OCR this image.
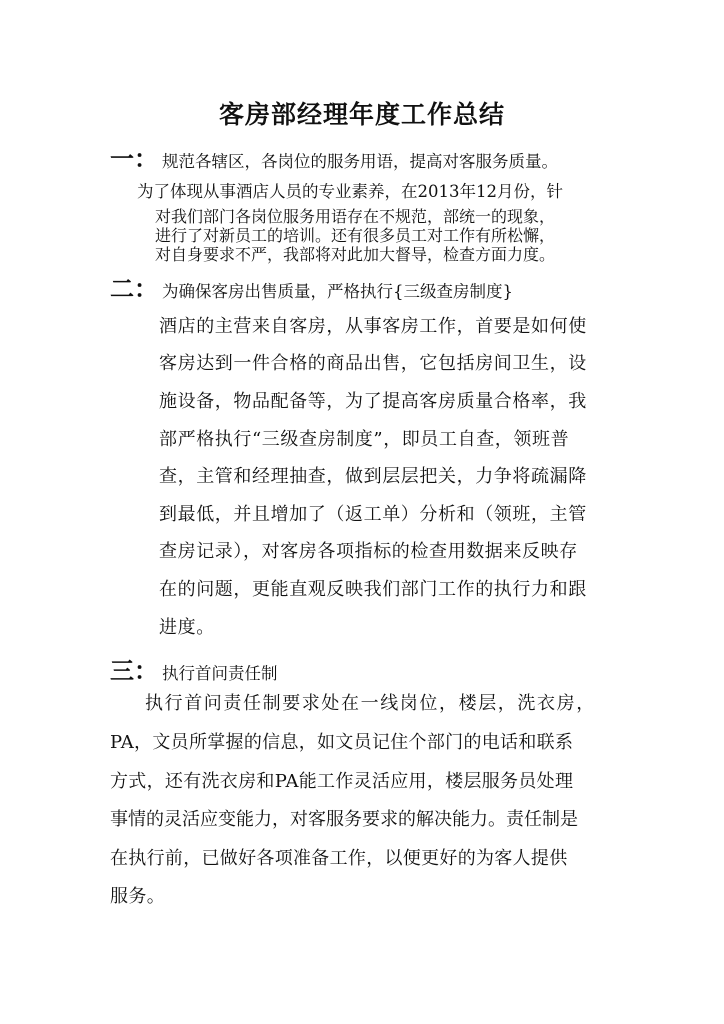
客房部经理年度工作总结
一： 规范各辖区，各岗位的服务用语，提高对客服务质量。
为了体现从事酒店人员的专业素养，在2013年12月份，针
对我们部门各岗位服务用语存在不规范，部统一的现象，
进行了对新员工的培训。还有很多员工对工作有所松懈，
对自身要求不严，我部将对此加大督导，检查方面力度。
二： 为确保客房出售质量，严格执行{三级查房制度}
酒店的主营来自客房，从事客房工作，首要是如何使
客房达到一件合格的商品出售，它包括房间卫生，设
施设备，物品配备等，为了提高客房质量合格率，我
部严格执行“三级查房制度”，即员工自查，领班普
查，主管和经理抽查，做到层层把关，力争将疏漏降
到最低，并且增加了（返工单）分析和（领班，主管
查房记录），对客房各项指标的检查用数据来反映存
在的问题，更能直观反映我们部门工作的执行力和跟
进度。
三： 执行首问责任制
执行首问责任制要求处在一线岗位，楼层，洗衣房，
PA，文员所掌握的信息，如文员记住个部门的电话和联系
方式，还有洗衣房和PA能工作灵活应用，楼层服务员处理
事情的灵活应变能力，对客服务要求的解决能力。责任制是
在执行前，已做好各项准备工作，以便更好的为客人提供
服务。
